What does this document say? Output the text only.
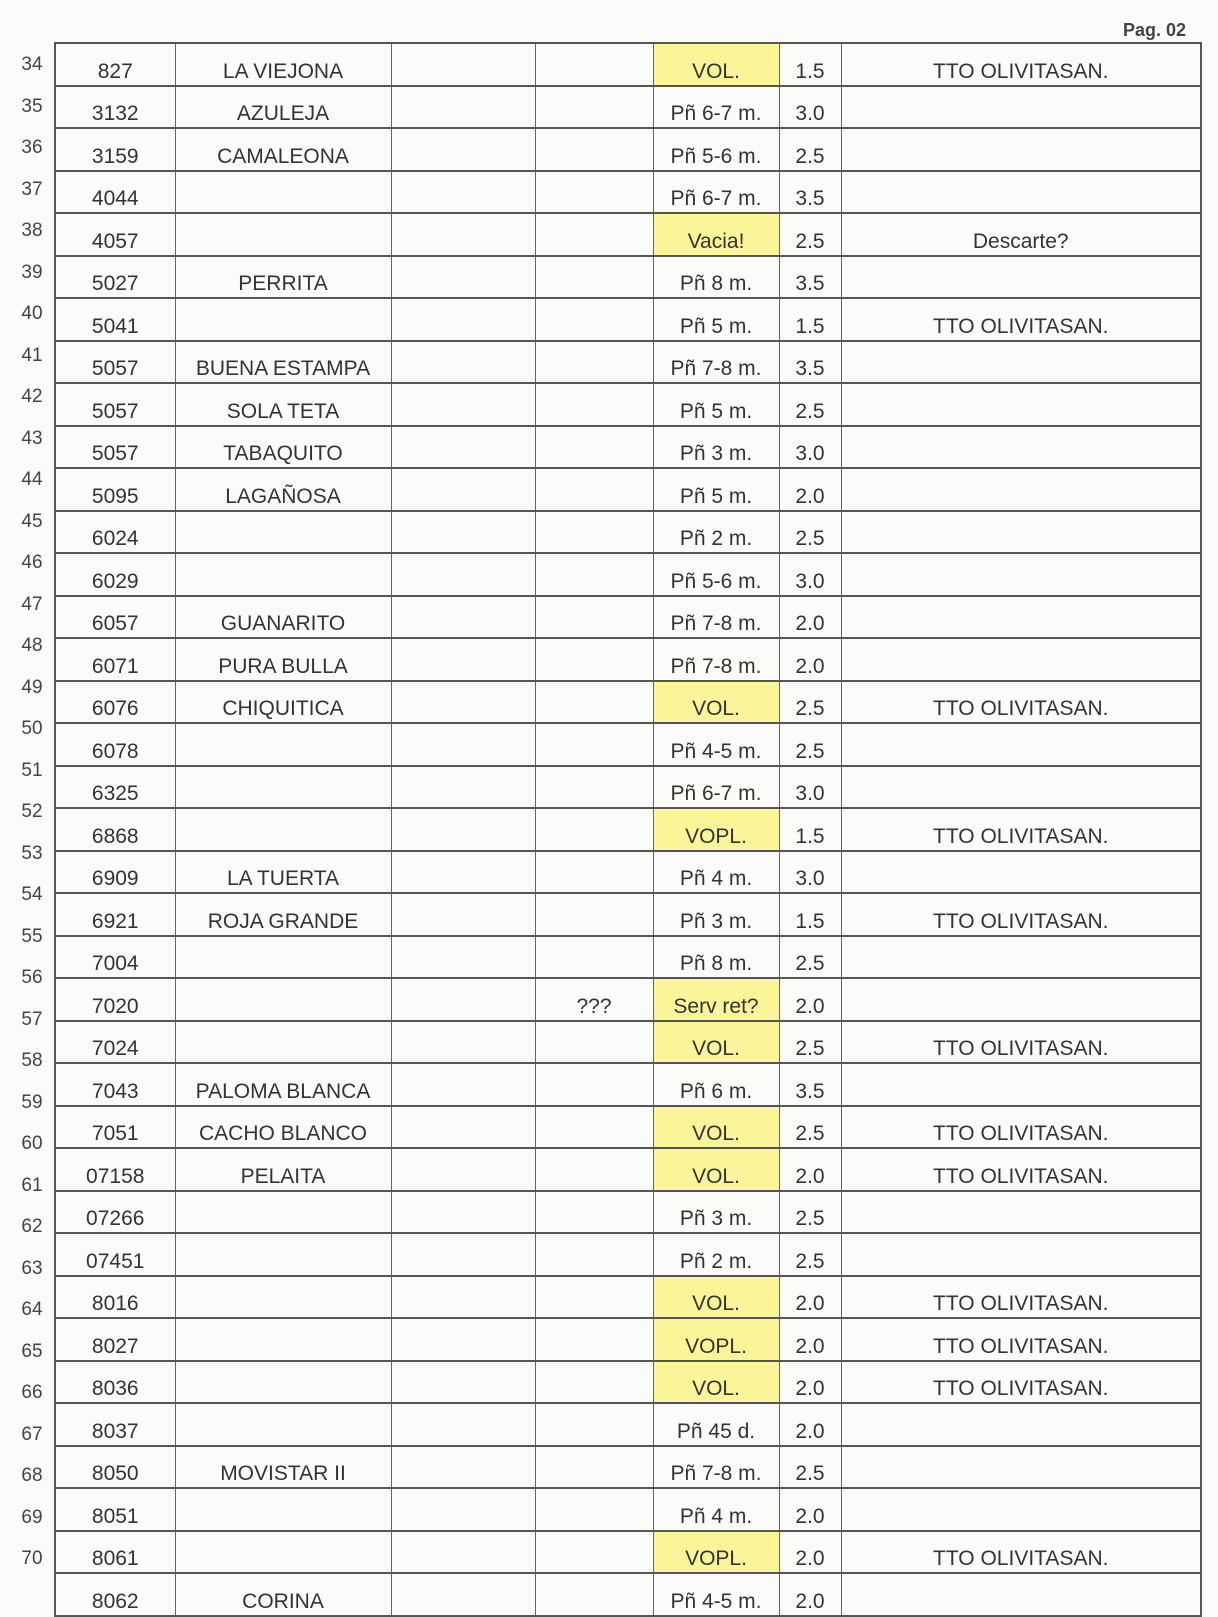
Pag. 02
34
35
36
37
38
39
40
41
42
43
44
45
46
47
48
49
50
51
52
53
54
55
56
57
58
59
60
61
62
63
64
65
66
67
68
69
70
827	LA VIEJONA			VOL.	1.5	TTO OLIVITASAN.
3132	AZULEJA			Pñ 6-7 m.	3.0	
3159	CAMALEONA			Pñ 5-6 m.	2.5	
4044				Pñ 6-7 m.	3.5	
4057				Vacia!	2.5	Descarte?
5027	PERRITA			Pñ 8 m.	3.5	
5041				Pñ 5 m.	1.5	TTO OLIVITASAN.
5057	BUENA ESTAMPA			Pñ 7-8 m.	3.5	
5057	SOLA TETA			Pñ 5 m.	2.5	
5057	TABAQUITO			Pñ 3 m.	3.0	
5095	LAGAÑOSA			Pñ 5 m.	2.0	
6024				Pñ 2 m.	2.5	
6029				Pñ 5-6 m.	3.0	
6057	GUANARITO			Pñ 7-8 m.	2.0	
6071	PURA BULLA			Pñ 7-8 m.	2.0	
6076	CHIQUITICA			VOL.	2.5	TTO OLIVITASAN.
6078				Pñ 4-5 m.	2.5	
6325				Pñ 6-7 m.	3.0	
6868				VOPL.	1.5	TTO OLIVITASAN.
6909	LA TUERTA			Pñ 4 m.	3.0	
6921	ROJA GRANDE			Pñ 3 m.	1.5	TTO OLIVITASAN.
7004				Pñ 8 m.	2.5	
7020			???	Serv ret?	2.0	
7024				VOL.	2.5	TTO OLIVITASAN.
7043	PALOMA BLANCA			Pñ 6 m.	3.5	
7051	CACHO BLANCO			VOL.	2.5	TTO OLIVITASAN.
07158	PELAITA			VOL.	2.0	TTO OLIVITASAN.
07266				Pñ 3 m.	2.5	
07451				Pñ 2 m.	2.5	
8016				VOL.	2.0	TTO OLIVITASAN.
8027				VOPL.	2.0	TTO OLIVITASAN.
8036				VOL.	2.0	TTO OLIVITASAN.
8037				Pñ 45 d.	2.0	
8050	MOVISTAR II			Pñ 7-8 m.	2.5	
8051				Pñ 4 m.	2.0	
8061				VOPL.	2.0	TTO OLIVITASAN.
8062	CORINA			Pñ 4-5 m.	2.0	
